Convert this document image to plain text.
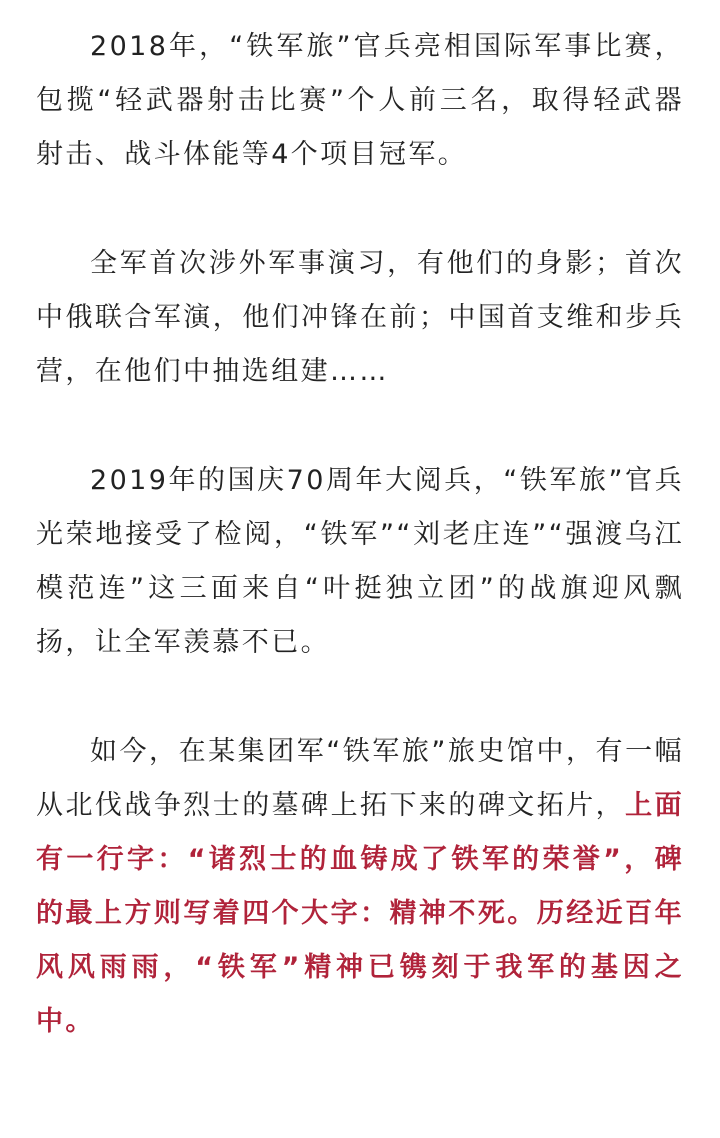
2018年，“铁军旅”官兵亮相国际军事比赛，包揽“轻武器射击比赛”个人前三名，取得轻武器射击、战斗体能等4个项目冠军。

全军首次涉外军事演习，有他们的身影；首次中俄联合军演，他们冲锋在前；中国首支维和步兵营，在他们中抽选组建……

2019年的国庆70周年大阅兵，“铁军旅”官兵光荣地接受了检阅，“铁军”“刘老庄连”“强渡乌江模范连”这三面来自“叶挺独立团”的战旗迎风飘扬，让全军羡慕不已。

如今，在某集团军“铁军旅”旅史馆中，有一幅从北伐战争烈士的墓碑上拓下来的碑文拓片，上面有一行字：“诸烈士的血铸成了铁军的荣誉”，碑的最上方则写着四个大字：精神不死。历经近百年风风雨雨，“铁军”精神已镌刻于我军的基因之中。
